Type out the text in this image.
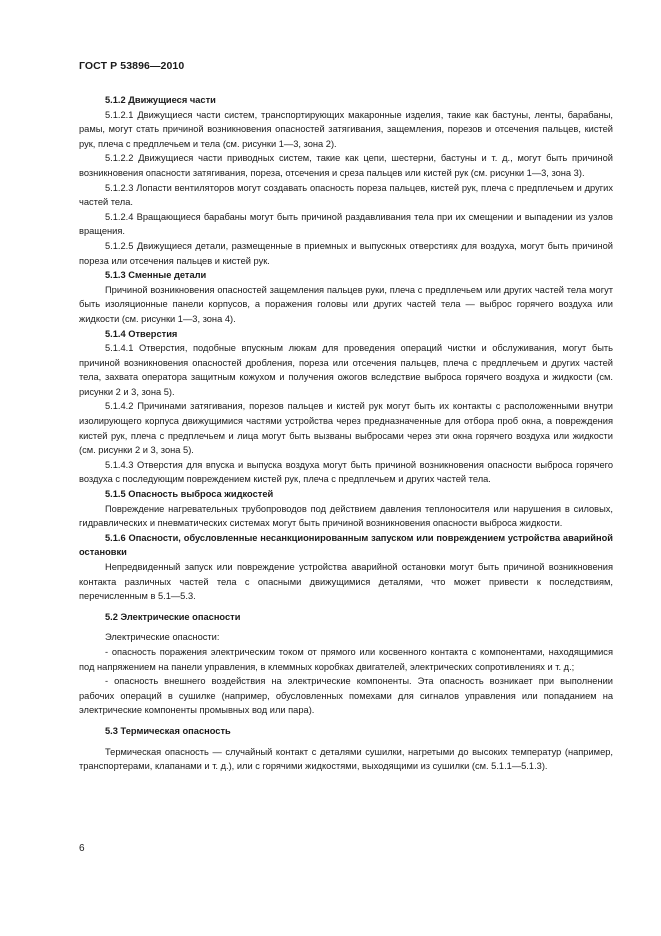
ГОСТ Р 53896—2010

5.1.2 Движущиеся части

5.1.2.1 Движущиеся части систем, транспортирующих макаронные изделия, такие как бастуны, ленты, барабаны, рамы, могут стать причиной возникновения опасностей затягивания, защемления, порезов и отсечения пальцев, кистей рук, плеча с предплечьем и тела (см. рисунки 1—3, зона 2).

5.1.2.2 Движущиеся части приводных систем, такие как цепи, шестерни, бастуны и т. д., могут быть причиной возникновения опасности затягивания, пореза, отсечения и среза пальцев или кистей рук (см. рисунки 1—3, зона 3).

5.1.2.3 Лопасти вентиляторов могут создавать опасность пореза пальцев, кистей рук, плеча с предплечьем и других частей тела.

5.1.2.4 Вращающиеся барабаны могут быть причиной раздавливания тела при их смещении и выпадении из узлов вращения.

5.1.2.5 Движущиеся детали, размещенные в приемных и выпускных отверстиях для воздуха, могут быть причиной пореза или отсечения пальцев и кистей рук.

5.1.3 Сменные детали

Причиной возникновения опасностей защемления пальцев руки, плеча с предплечьем или других частей тела могут быть изоляционные панели корпусов, а поражения головы или других частей тела — выброс горячего воздуха или жидкости (см. рисунки 1—3, зона 4).

5.1.4 Отверстия

5.1.4.1 Отверстия, подобные впускным люкам для проведения операций чистки и обслуживания, могут быть причиной возникновения опасностей дробления, пореза или отсечения пальцев, плеча с предплечьем и других частей тела, захвата оператора защитным кожухом и получения ожогов вследствие выброса горячего воздуха и жидкости (см. рисунки 2 и 3, зона 5).

5.1.4.2 Причинами затягивания, порезов пальцев и кистей рук могут быть их контакты с расположенными внутри изолирующего корпуса движущимися частями устройства через предназначенные для отбора проб окна, а повреждения кистей рук, плеча с предплечьем и лица могут быть вызваны выбросами через эти окна горячего воздуха или жидкости (см. рисунки 2 и 3, зона 5).

5.1.4.3 Отверстия для впуска и выпуска воздуха могут быть причиной возникновения опасности выброса горячего воздуха с последующим повреждением кистей рук, плеча с предплечьем и других частей тела.

5.1.5 Опасность выброса жидкостей

Повреждение нагревательных трубопроводов под действием давления теплоносителя или нарушения в силовых, гидравлических и пневматических системах могут быть причиной возникновения опасности выброса жидкости.

5.1.6 Опасности, обусловленные несанкционированным запуском или повреждением устройства аварийной остановки

Непредвиденный запуск или повреждение устройства аварийной остановки могут быть причиной возникновения контакта различных частей тела с опасными движущимися деталями, что может привести к последствиям, перечисленным в 5.1—5.3.

5.2 Электрические опасности

Электрические опасности:

- опасность поражения электрическим током от прямого или косвенного контакта с компонентами, находящимися под напряжением на панели управления, в клеммных коробках двигателей, электрических сопротивлениях и т. д.;

- опасность внешнего воздействия на электрические компоненты. Эта опасность возникает при выполнении рабочих операций в сушилке (например, обусловленных помехами для сигналов управления или попаданием на электрические компоненты промывных вод или пара).

5.3 Термическая опасность

Термическая опасность — случайный контакт с деталями сушилки, нагретыми до высоких температур (например, транспортерами, клапанами и т. д.), или с горячими жидкостями, выходящими из сушилки (см. 5.1.1—5.1.3).

6
